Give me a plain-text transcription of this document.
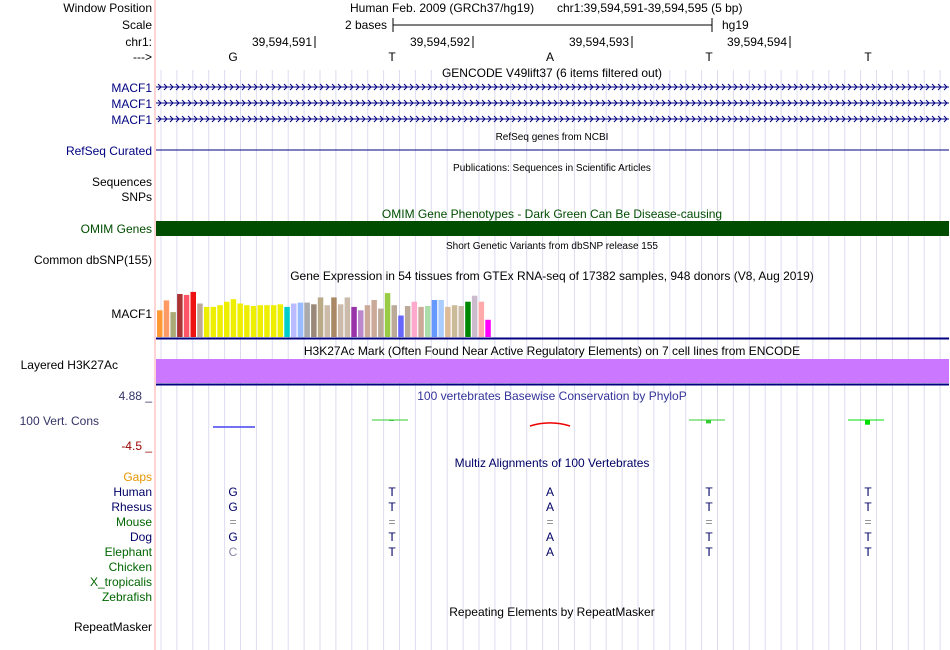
Window Position	Human Feb. 2009 (GRCh37/hg19) chr1:39,594,591-39,594,595 (5 bp)
Scale	2 bases	hg19
chr1:	39,594,591	39,594,592	39,594,593	39,594,594
--->	G	T	A	T	T
GENCODE V49lift37 (6 items filtered out)
MACF1
MACF1
MACF1
RefSeq genes from NCBI
RefSeq Curated
Publications: Sequences in Scientific Articles
Sequences
SNPs
OMIM Gene Phenotypes - Dark Green Can Be Disease-causing
OMIM Genes
Short Genetic Variants from dbSNP release 155
Common dbSNP(155)
Gene Expression in 54 tissues from GTEx RNA-seq of 17382 samples, 948 donors (V8, Aug 2019)
MACF1
H3K27Ac Mark (Often Found Near Active Regulatory Elements) on 7 cell lines from ENCODE
Layered H3K27Ac
100 vertebrates Basewise Conservation by PhyloP
4.88 _
100 Vert. Cons
-4.5 _
Multiz Alignments of 100 Vertebrates
Gaps
Human	G	T	A	T	T
Rhesus	G	T	A	T	T
Mouse	=	=	=	=	=
Dog	G	T	A	T	T
Elephant	C	T	A	T	T
Chicken
X_tropicalis
Zebrafish
Repeating Elements by RepeatMasker
RepeatMasker
